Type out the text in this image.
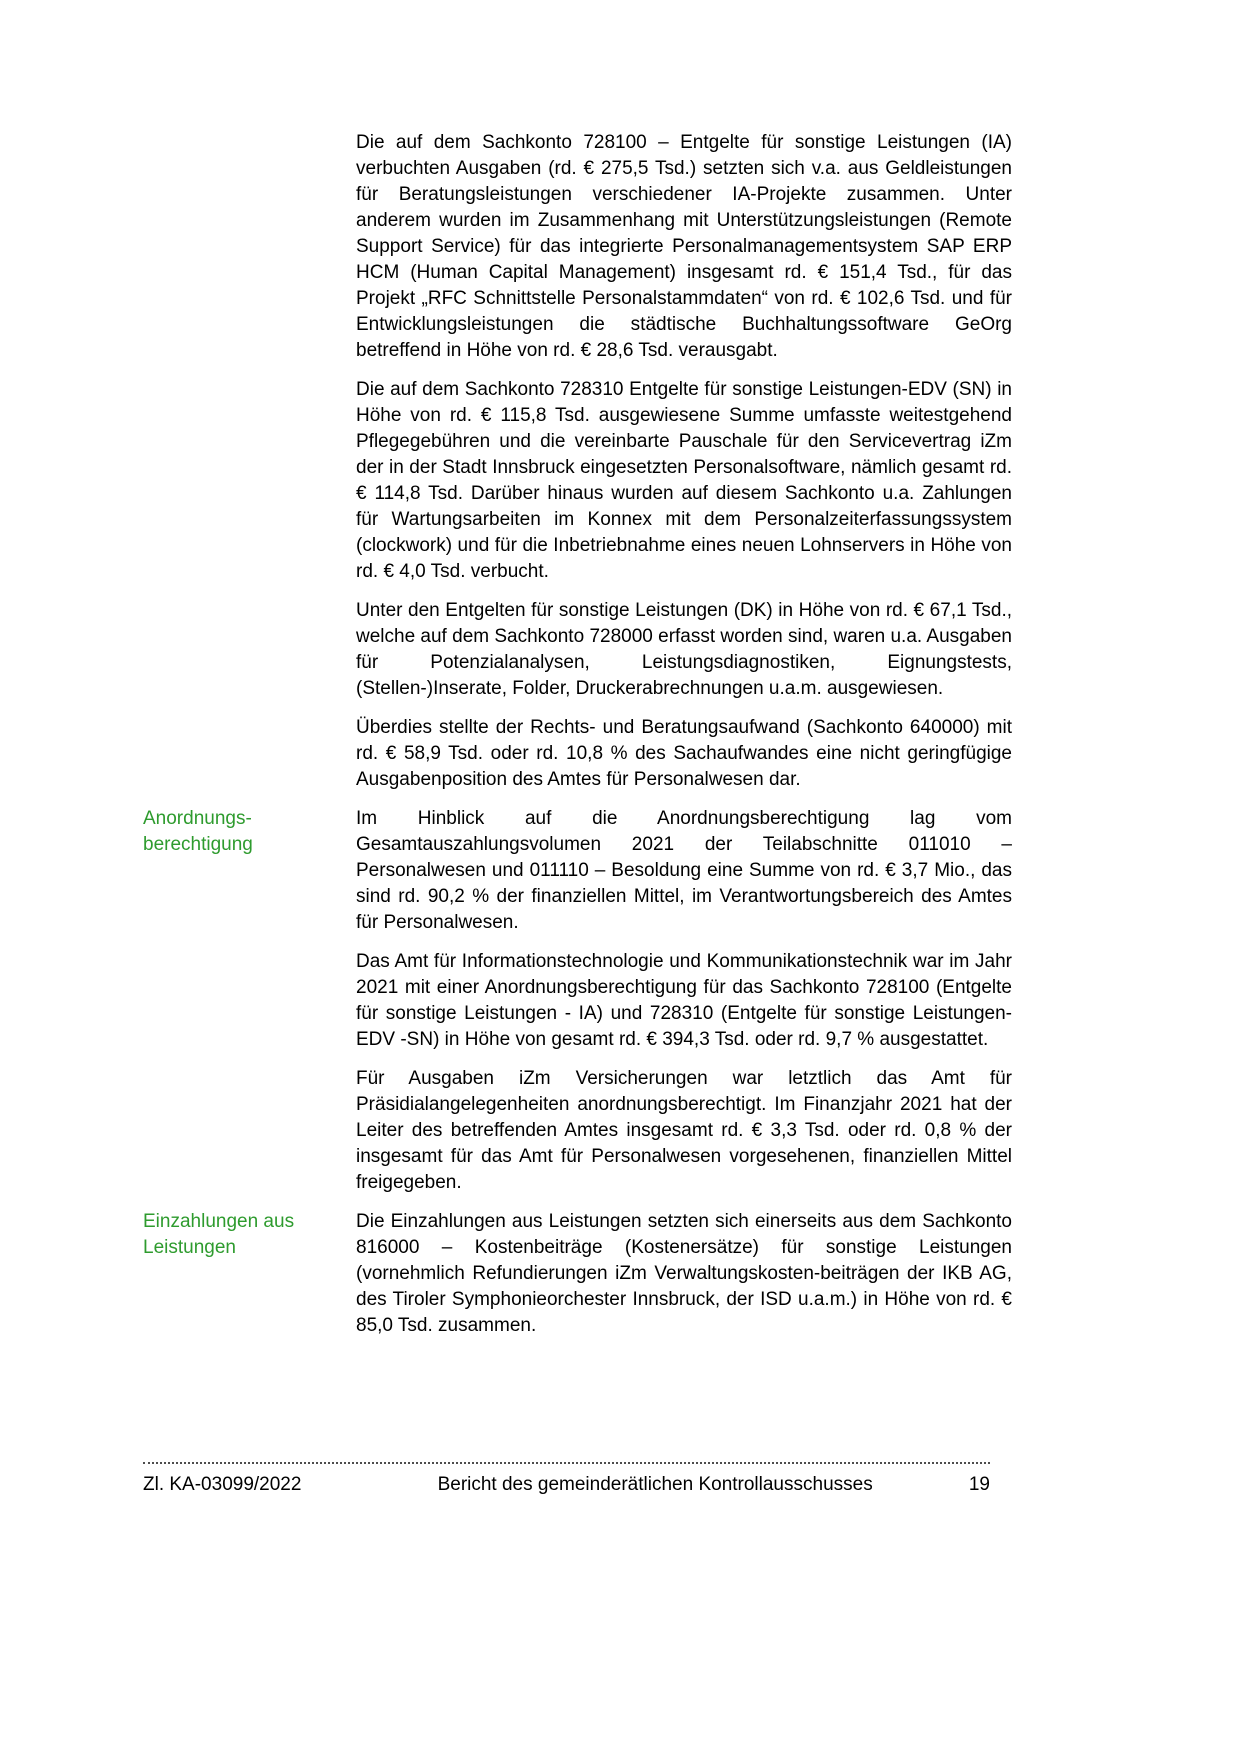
Die auf dem Sachkonto 728100 – Entgelte für sonstige Leistungen (IA) verbuchten Ausgaben (rd. € 275,5 Tsd.) setzten sich v.a. aus Geldleistungen für Beratungsleistungen verschiedener IA-Projekte zusammen. Unter anderem wurden im Zusammenhang mit Unterstützungsleistungen (Remote Support Service) für das integrierte Personalmanagementsystem SAP ERP HCM (Human Capital Management) insgesamt rd. € 151,4 Tsd., für das Projekt „RFC Schnittstelle Personalstammdaten“ von rd. € 102,6 Tsd. und für Entwicklungsleistungen die städtische Buchhaltungssoftware GeOrg betreffend in Höhe von rd. € 28,6 Tsd. verausgabt.

Die auf dem Sachkonto 728310 Entgelte für sonstige Leistungen-EDV (SN) in Höhe von rd. € 115,8 Tsd. ausgewiesene Summe umfasste weitestgehend Pflegegebühren und die vereinbarte Pauschale für den Servicevertrag iZm der in der Stadt Innsbruck eingesetzten Personalsoftware, nämlich gesamt rd. € 114,8 Tsd. Darüber hinaus wurden auf diesem Sachkonto u.a. Zahlungen für Wartungsarbeiten im Konnex mit dem Personalzeiterfassungssystem (clockwork) und für die Inbetriebnahme eines neuen Lohnservers in Höhe von rd. € 4,0 Tsd. verbucht.

Unter den Entgelten für sonstige Leistungen (DK) in Höhe von rd. € 67,1 Tsd., welche auf dem Sachkonto 728000 erfasst worden sind, waren u.a. Ausgaben für Potenzialanalysen, Leistungsdiagnostiken, Eignungstests, (Stellen-)Inserate, Folder, Druckerabrechnungen u.a.m. ausgewiesen.

Überdies stellte der Rechts- und Beratungsaufwand (Sachkonto 640000) mit rd. € 58,9 Tsd. oder rd. 10,8 % des Sachaufwandes eine nicht geringfügige Ausgabenposition des Amtes für Personalwesen dar.

Anordnungs-
berechtigung

Im Hinblick auf die Anordnungsberechtigung lag vom Gesamtauszahlungsvolumen 2021 der Teilabschnitte 011010 – Personalwesen und 011110 – Besoldung eine Summe von rd. € 3,7 Mio., das sind rd. 90,2 % der finanziellen Mittel, im Verantwortungsbereich des Amtes für Personalwesen.

Das Amt für Informationstechnologie und Kommunikationstechnik war im Jahr 2021 mit einer Anordnungsberechtigung für das Sachkonto 728100 (Entgelte für sonstige Leistungen - IA) und 728310 (Entgelte für sonstige Leistungen-EDV -SN) in Höhe von gesamt rd. € 394,3 Tsd. oder rd. 9,7 % ausgestattet.

Für Ausgaben iZm Versicherungen war letztlich das Amt für Präsidialangelegenheiten anordnungsberechtigt. Im Finanzjahr 2021 hat der Leiter des betreffenden Amtes insgesamt rd. € 3,3 Tsd. oder rd. 0,8 % der insgesamt für das Amt für Personalwesen vorgesehenen, finanziellen Mittel freigegeben.

Einzahlungen aus
Leistungen

Die Einzahlungen aus Leistungen setzten sich einerseits aus dem Sachkonto 816000 – Kostenbeiträge (Kostenersätze) für sonstige Leistungen (vornehmlich Refundierungen iZm Verwaltungskosten-beiträgen der IKB AG, des Tiroler Symphonieorchester Innsbruck, der ISD u.a.m.) in Höhe von rd. € 85,0 Tsd. zusammen.

Zl. KA-03099/2022	Bericht des gemeinderätlichen Kontrollausschusses	19
